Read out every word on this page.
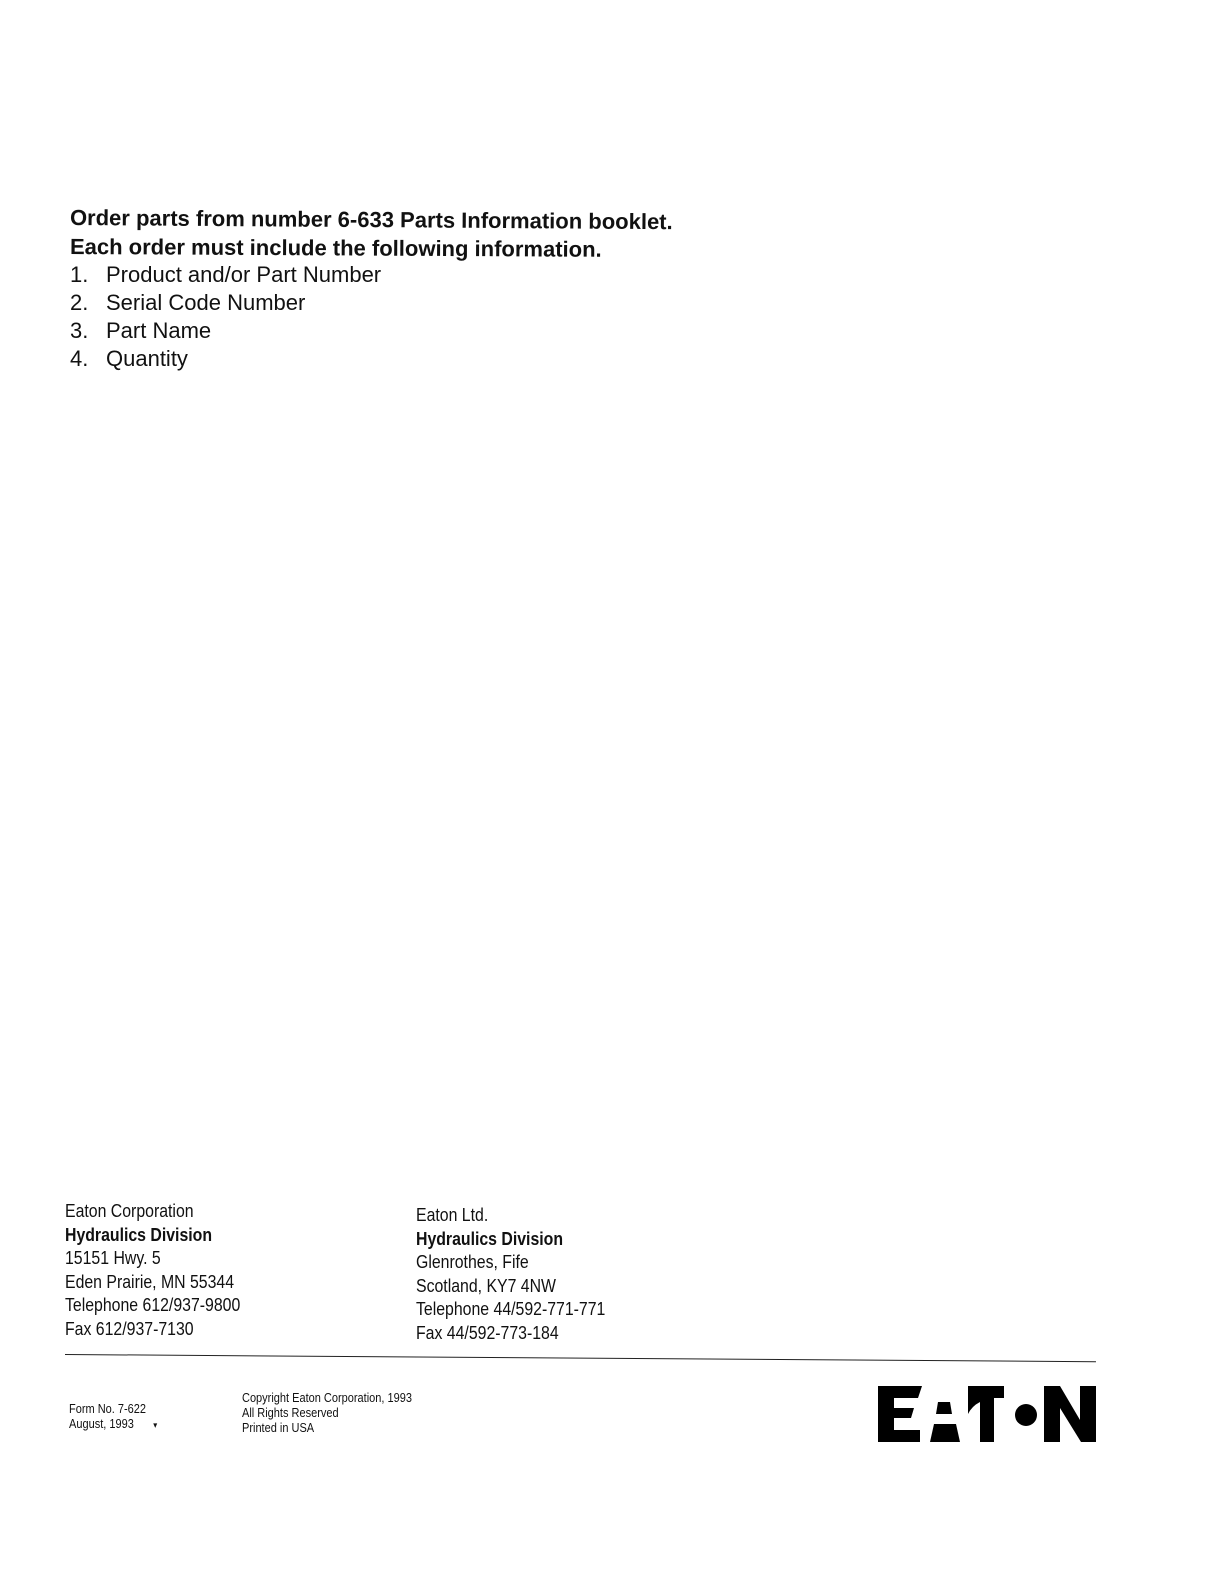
Order parts from number 6-633 Parts Information booklet.

Each order must include the following information.

1. Product and/or Part Number
2. Serial Code Number
3. Part Name
4. Quantity
Eaton Corporation
Hydraulics Division
15151 Hwy. 5
Eden Prairie, MN 55344
Telephone 612/937-9800
Fax 612/937-7130
Eaton Ltd.
Hydraulics Division
Glenrothes, Fife
Scotland, KY7 4NW
Telephone 44/592-771-771
Fax 44/592-773-184
Form No. 7-622
August, 1993 ▾
Copyright Eaton Corporation, 1993
All Rights Reserved
Printed in USA
